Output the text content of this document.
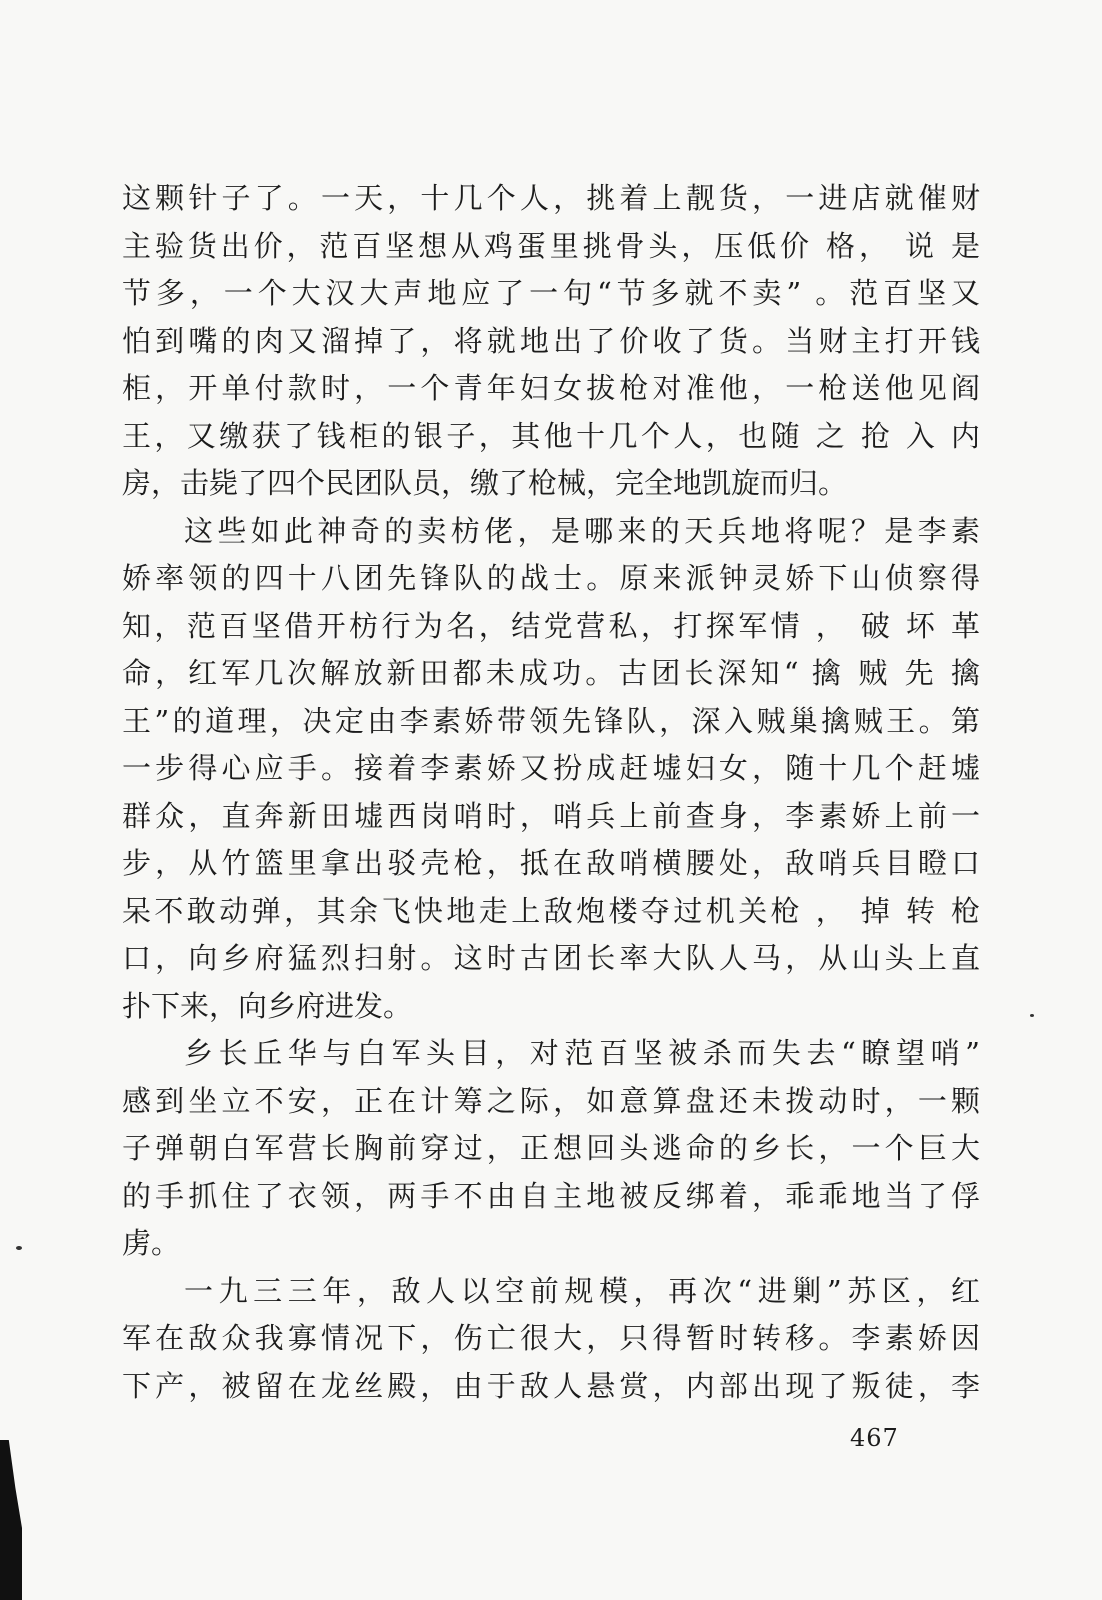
这颗针子了。一天，十几个人，挑着上靓货，一进店就催财
主验货出价，范百坚想从鸡蛋里挑骨头，压低价 格， 说 是
节多，一个大汉大声地应了一句“节多就不卖” 。范百坚又
怕到嘴的肉又溜掉了，将就地出了价收了货。当财主打开钱
柜，开单付款时，一个青年妇女拔枪对准他，一枪送他见阎
王，又缴获了钱柜的银子，其他十几个人，也随 之 抢 入 内
房，击毙了四个民团队员，缴了枪械，完全地凯旋而归。
这些如此神奇的卖枋佬，是哪来的天兵地将呢？是李素
娇率领的四十八团先锋队的战士。原来派钟灵娇下山侦察得
知，范百坚借开枋行为名，结党营私，打探军情 ， 破 坏 革
命，红军几次解放新田都未成功。古团长深知“ 擒 贼 先 擒
王”的道理，决定由李素娇带领先锋队，深入贼巢擒贼王。第
一步得心应手。接着李素娇又扮成赶墟妇女，随十几个赶墟
群众，直奔新田墟西岗哨时，哨兵上前查身，李素娇上前一
步，从竹篮里拿出驳壳枪，抵在敌哨横腰处，敌哨兵目瞪口
呆不敢动弹，其余飞快地走上敌炮楼夺过机关枪 ， 掉 转 枪
口，向乡府猛烈扫射。这时古团长率大队人马，从山头上直
扑下来，向乡府进发。
乡长丘华与白军头目，对范百坚被杀而失去“瞭望哨”
感到坐立不安，正在计筹之际，如意算盘还未拨动时，一颗
子弹朝白军营长胸前穿过，正想回头逃命的乡长，一个巨大
的手抓住了衣领，两手不由自主地被反绑着，乖乖地当了俘
虏。
一九三三年，敌人以空前规模，再次“进剿”苏区，红
军在敌众我寡情况下，伤亡很大，只得暂时转移。李素娇因
下产，被留在龙丝殿，由于敌人悬赏，内部出现了叛徒，李
467
